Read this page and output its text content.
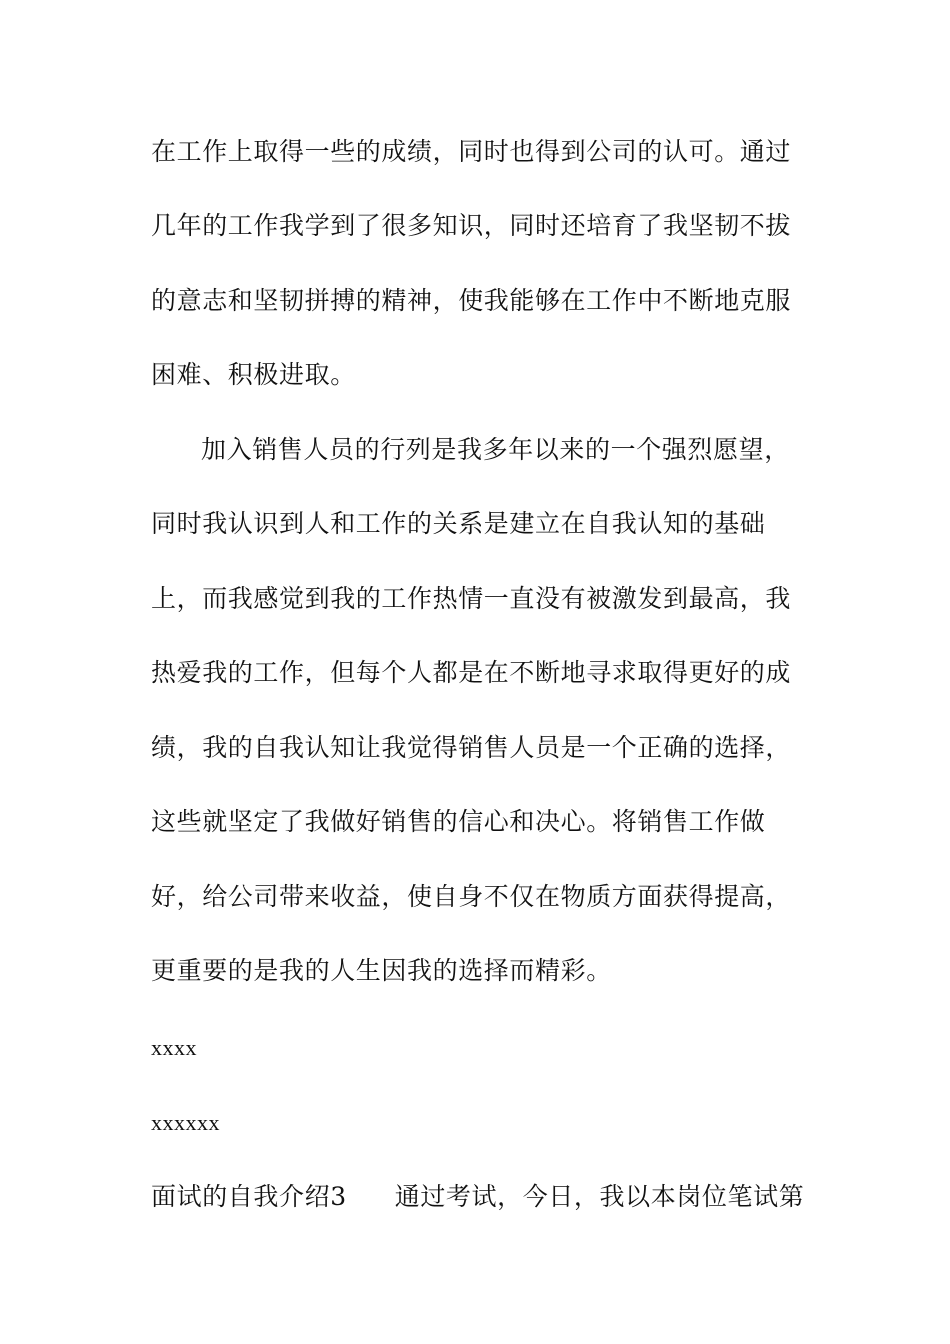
在工作上取得一些的成绩，同时也得到公司的认可。通过
几年的工作我学到了很多知识，同时还培育了我坚韧不拔
的意志和坚韧拼搏的精神，使我能够在工作中不断地克服
困难、积极进取。
加入销售人员的行列是我多年以来的一个强烈愿望，
同时我认识到人和工作的关系是建立在自我认知的基础
上，而我感觉到我的工作热情一直没有被激发到最高，我
热爱我的工作，但每个人都是在不断地寻求取得更好的成
绩，我的自我认知让我觉得销售人员是一个正确的选择，
这些就坚定了我做好销售的信心和决心。将销售工作做
好，给公司带来收益，使自身不仅在物质方面获得提高，
更重要的是我的人生因我的选择而精彩。
xxxx
xxxxxx
面试的自我介绍3 通过考试，今日，我以本岗位笔试第
